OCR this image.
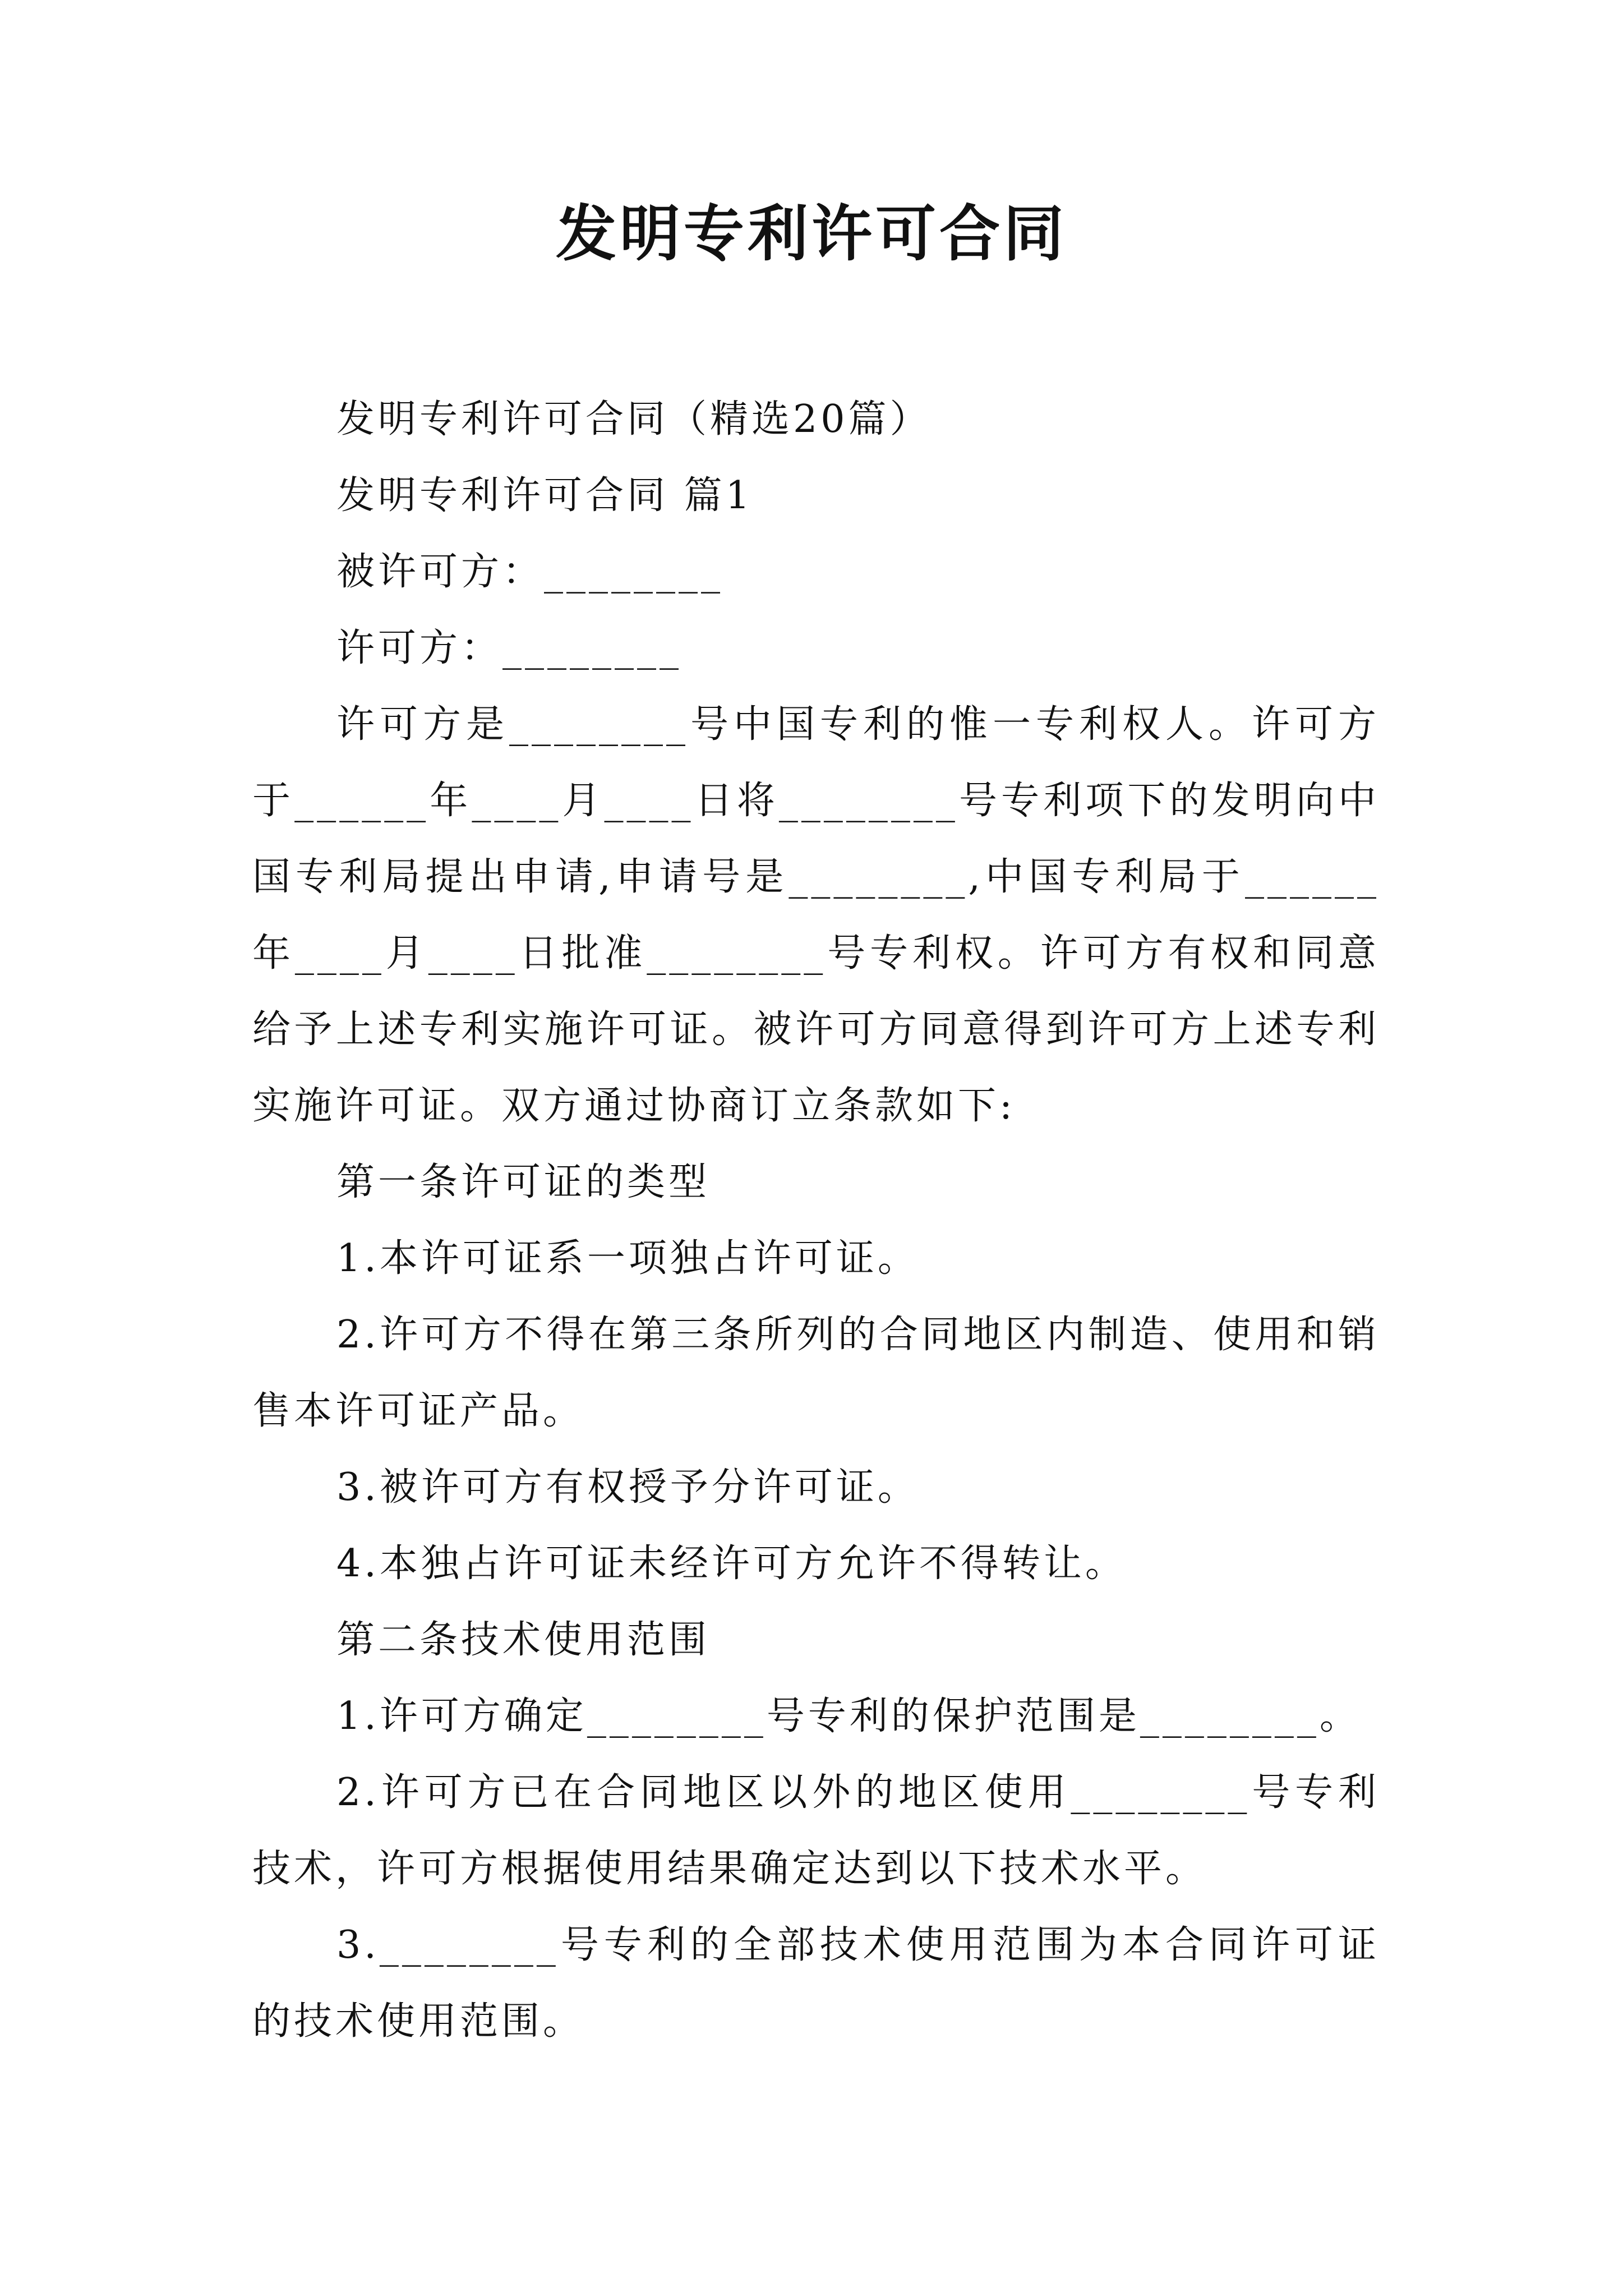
发明专利许可合同

发明专利许可合同（精选20篇）

发明专利许可合同 篇1

被许可方：________

许可方：________

许可方是________号中国专利的惟一专利权人。许可方于______年____月____日将________号专利项下的发明向中国专利局提出申请,申请号是________,中国专利局于______年____月____日批准________号专利权。许可方有权和同意给予上述专利实施许可证。被许可方同意得到许可方上述专利实施许可证。双方通过协商订立条款如下:

第一条许可证的类型

1.本许可证系一项独占许可证。

2.许可方不得在第三条所列的合同地区内制造、使用和销售本许可证产品。

3.被许可方有权授予分许可证。

4.本独占许可证未经许可方允许不得转让。

第二条技术使用范围

1.许可方确定________号专利的保护范围是________。

2.许可方已在合同地区以外的地区使用________号专利技术，许可方根据使用结果确定达到以下技术水平。

3.________号专利的全部技术使用范围为本合同许可证的技术使用范围。
